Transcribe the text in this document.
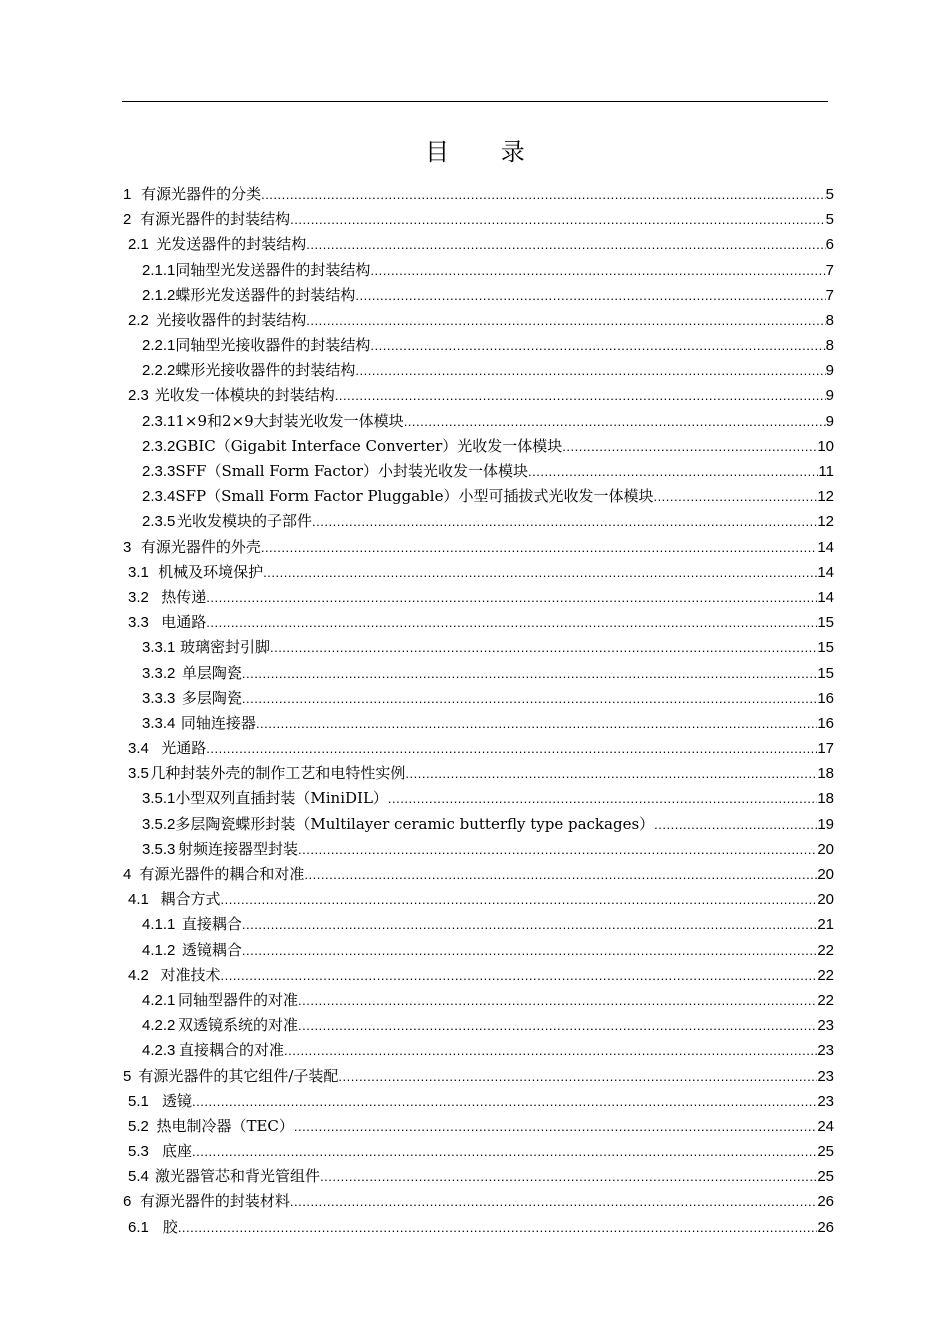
目 录
1 有源光器件的分类 .....	5
2 有源光器件的封装结构 .....	5
2.1 光发送器件的封装结构 .....	6
2.1.1 同轴型光发送器件的封装结构 .....	7
2.1.2 蝶形光发送器件的封装结构 .....	7
2.2 光接收器件的封装结构 .....	8
2.2.1 同轴型光接收器件的封装结构 .....	8
2.2.2 蝶形光接收器件的封装结构 .....	9
2.3 光收发一体模块的封装结构 .....	9
2.3.1 1×9和2×9大封装光收发一体模块 .....	9
2.3.2 GBIC（Gigabit Interface Converter）光收发一体模块 .....	10
2.3.3 SFF（Small Form Factor）小封装光收发一体模块 .....	11
2.3.4 SFP（Small Form Factor Pluggable）小型可插拔式光收发一体模块 .....	12
2.3.5 光收发模块的子部件 .....	12
3 有源光器件的外壳 .....	14
3.1 机械及环境保护 .....	14
3.2 热传递 .....	14
3.3 电通路 .....	15
3.3.1 玻璃密封引脚 .....	15
3.3.2 单层陶瓷 .....	15
3.3.3 多层陶瓷 .....	16
3.3.4 同轴连接器 .....	16
3.4 光通路 .....	17
3.5 几种封装外壳的制作工艺和电特性实例 .....	18
3.5.1 小型双列直插封装（MiniDIL） .....	18
3.5.2 多层陶瓷蝶形封装（Multilayer ceramic butterfly type packages） .....	19
3.5.3 射频连接器型封装 .....	20
4 有源光器件的耦合和对准 .....	20
4.1 耦合方式 .....	20
4.1.1 直接耦合 .....	21
4.1.2 透镜耦合 .....	22
4.2 对准技术 .....	22
4.2.1 同轴型器件的对准 .....	22
4.2.2 双透镜系统的对准 .....	23
4.2.3 直接耦合的对准 .....	23
5 有源光器件的其它组件/子装配 .....	23
5.1 透镜 .....	23
5.2 热电制冷器（TEC） .....	24
5.3 底座 .....	25
5.4 激光器管芯和背光管组件 .....	25
6 有源光器件的封装材料 .....	26
6.1 胶 .....	26
